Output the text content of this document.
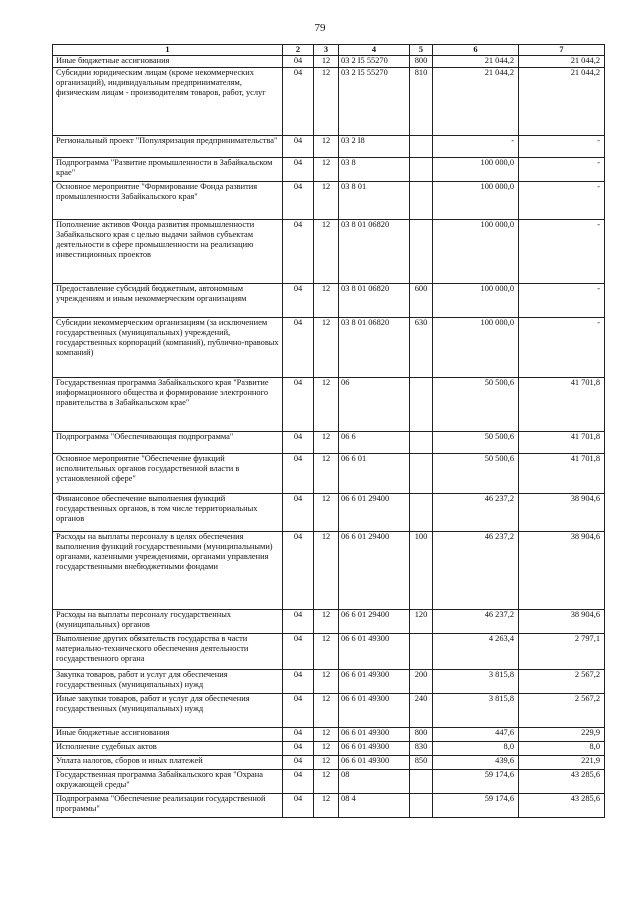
79
1	2	3	4	5	6	7
Иные бюджетные ассигнования	04	12	03 2 I5 55270	800	21 044,2	21 044,2
Субсидии юридическим лицам (кроме некоммерческих организаций), индивидуальным предпринимателям, физическим лицам - производителям товаров, работ, услуг	04	12	03 2 I5 55270	810	21 044,2	21 044,2
Региональный проект "Популяризация предпринимательства"	04	12	03 2 I8		-	-
Подпрограмма "Развитие промышленности в Забайкальском крае"	04	12	03 8		100 000,0	-
Основное мероприятие "Формирование Фонда развития промышленности Забайкальского края"	04	12	03 8 01		100 000,0	-
Пополнение активов Фонда развития промышленности Забайкальского края с целью выдачи займов субъектам деятельности в сфере промышленности на реализацию инвестиционных проектов	04	12	03 8 01 06820		100 000,0	-
Предоставление субсидий бюджетным, автономным учреждениям и иным некоммерческим организациям	04	12	03 8 01 06820	600	100 000,0	-
Субсидии некоммерческим организациям (за исключением государственных (муниципальных) учреждений, государственных корпораций (компаний), публично-правовых компаний)	04	12	03 8 01 06820	630	100 000,0	-
Государственная программа Забайкальского края "Развитие информационного общества и формирование электронного правительства в Забайкальском крае"	04	12	06		50 500,6	41 701,8
Подпрограмма "Обеспечивающая подпрограмма"	04	12	06 6		50 500,6	41 701,8
Основное мероприятие "Обеспечение функций исполнительных органов государственной власти в установленной сфере"	04	12	06 6 01		50 500,6	41 701,8
Финансовое обеспечение выполнения функций государственных органов, в том числе территориальных органов	04	12	06 6 01 29400		46 237,2	38 904,6
Расходы на выплаты персоналу в целях обеспечения выполнения функций государственными (муниципальными) органами, казенными учреждениями, органами управления государственными внебюджетными фондами	04	12	06 6 01 29400	100	46 237,2	38 904,6
Расходы на выплаты персоналу государственных (муниципальных) органов	04	12	06 6 01 29400	120	46 237,2	38 904,6
Выполнение других обязательств государства в части материально-технического обеспечения деятельности государственного органа	04	12	06 6 01 49300		4 263,4	2 797,1
Закупка товаров, работ и услуг для обеспечения государственных (муниципальных) нужд	04	12	06 6 01 49300	200	3 815,8	2 567,2
Иные закупки товаров, работ и услуг для обеспечения государственных (муниципальных) нужд	04	12	06 6 01 49300	240	3 815,8	2 567,2
Иные бюджетные ассигнования	04	12	06 6 01 49300	800	447,6	229,9
Исполнение судебных актов	04	12	06 6 01 49300	830	8,0	8,0
Уплата налогов, сборов и иных платежей	04	12	06 6 01 49300	850	439,6	221,9
Государственная программа Забайкальского края "Охрана окружающей среды"	04	12	08		59 174,6	43 285,6
Подпрограмма "Обеспечение реализации государственной программы"	04	12	08 4		59 174,6	43 285,6
